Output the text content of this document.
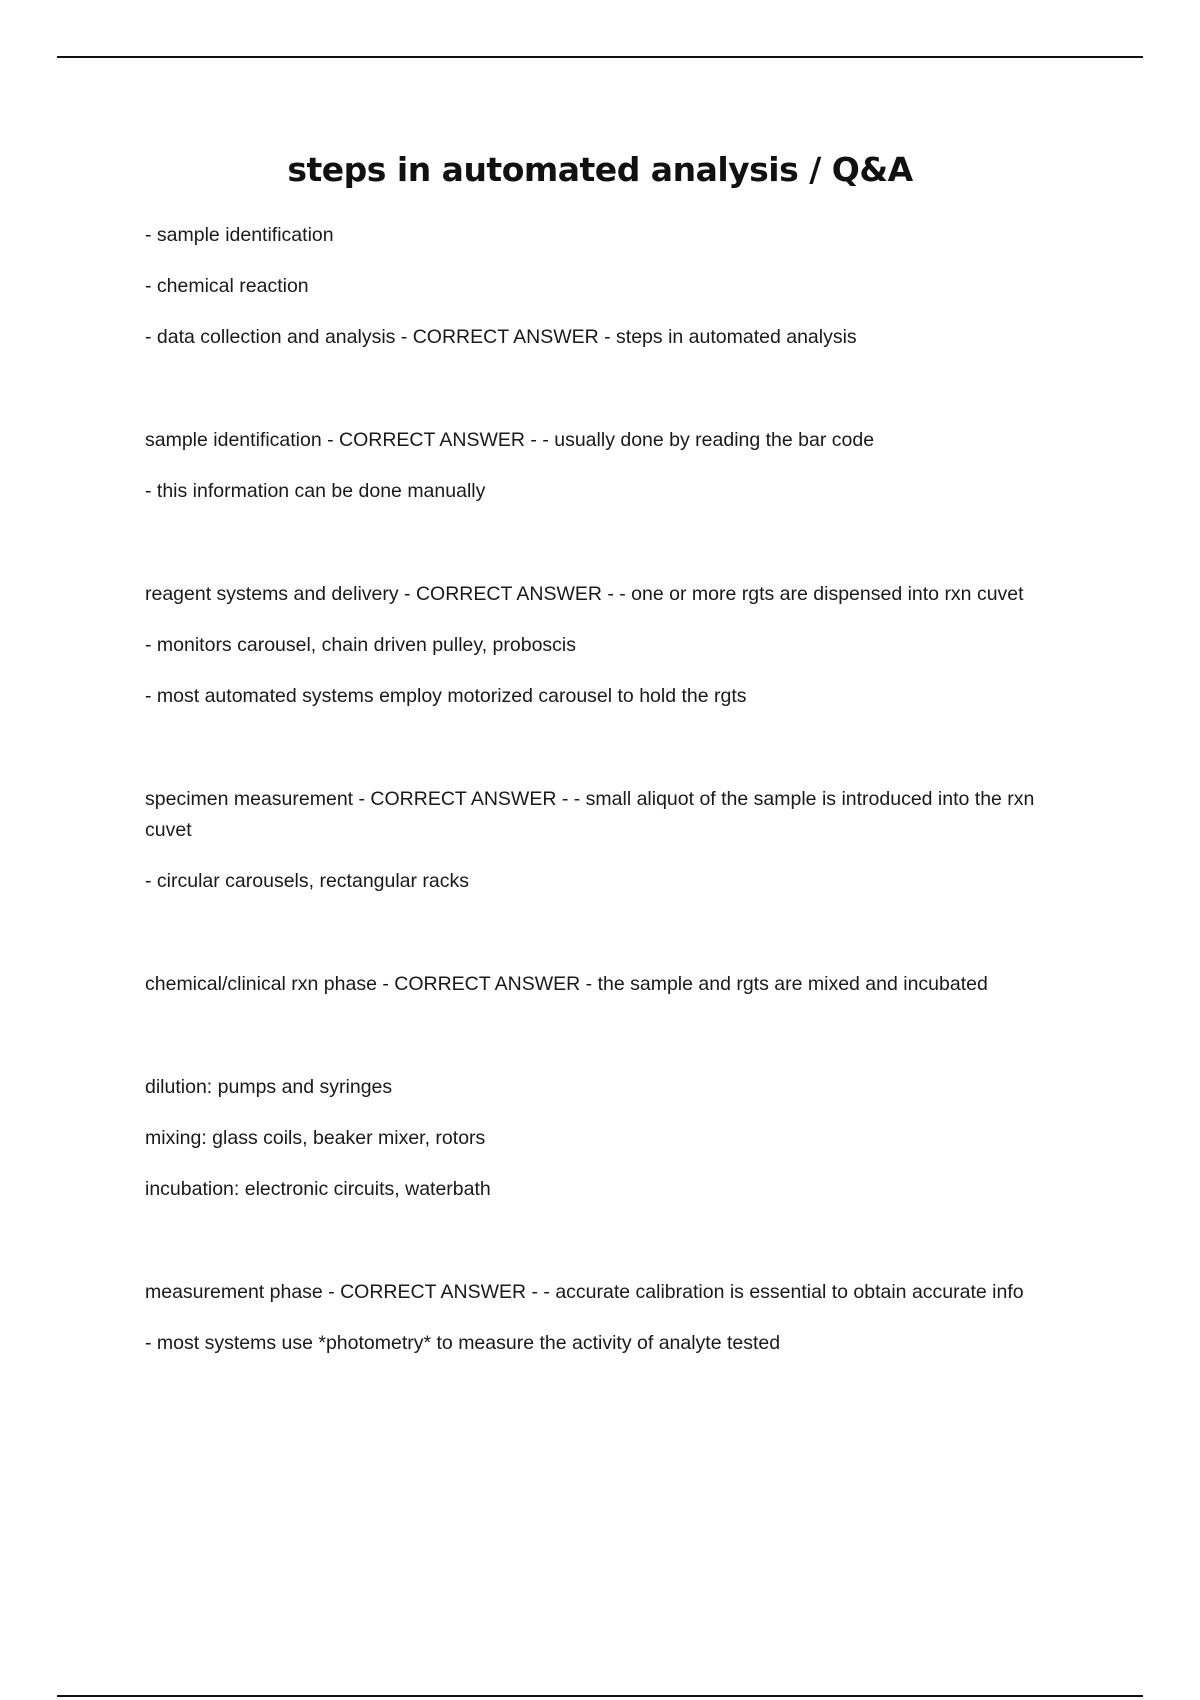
steps in automated analysis / Q&A

- sample identification

- chemical reaction

- data collection and analysis - CORRECT ANSWER - steps in automated analysis

sample identification - CORRECT ANSWER - - usually done by reading the bar code

- this information can be done manually

reagent systems and delivery - CORRECT ANSWER - - one or more rgts are dispensed into rxn cuvet

- monitors carousel, chain driven pulley, proboscis

- most automated systems employ motorized carousel to hold the rgts

specimen measurement - CORRECT ANSWER - - small aliquot of the sample is introduced into the rxn cuvet

- circular carousels, rectangular racks

chemical/clinical rxn phase - CORRECT ANSWER - the sample and rgts are mixed and incubated

dilution: pumps and syringes

mixing: glass coils, beaker mixer, rotors

incubation: electronic circuits, waterbath

measurement phase - CORRECT ANSWER - - accurate calibration is essential to obtain accurate info

- most systems use *photometry* to measure the activity of analyte tested
